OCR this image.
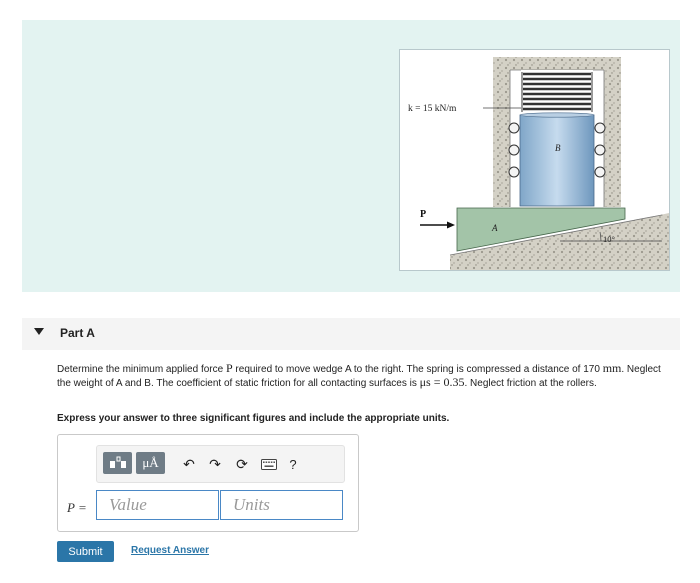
B
k = 15 kN/m
A
P
10°
Part A
Determine the minimum applied force P required to move wedge A to the right. The spring is compressed a distance of 170 mm. Neglect the weight of A and B. The coefficient of static friction for all contacting surfaces is μs = 0.35. Neglect friction at the rollers.
Express your answer to three significant figures and include the appropriate units.
μÅ ↶ ↷ ⟳	?
P =
Value
Units
Submit	Request Answer
